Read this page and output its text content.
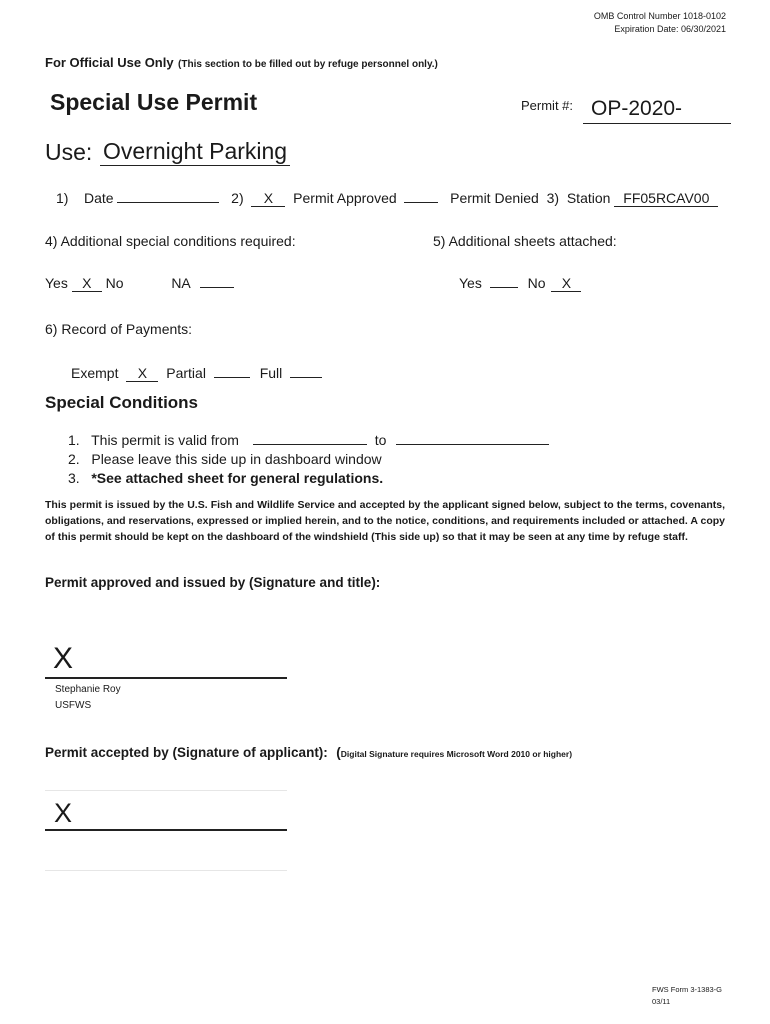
OMB Control Number 1018-0102
Expiration Date: 06/30/2021
For Official Use Only (This section to be filled out by refuge personnel only.)
Special Use Permit	Permit #: OP-2020-
Use: Overnight Parking
1) Date	2) X Permit Approved	Permit Denied 3) Station FF05RCAV00
4) Additional special conditions required:	5) Additional sheets attached:
Yes X No	NA	Yes	No X
6) Record of Payments:
Exempt X Partial	Full
Special Conditions
1. This permit is valid from	to
2. Please leave this side up in dashboard window
3. *See attached sheet for general regulations.
This permit is issued by the U.S. Fish and Wildlife Service and accepted by the applicant signed below, subject to the terms, covenants, obligations, and reservations, expressed or implied herein, and to the notice, conditions, and requirements included or attached. A copy of this permit should be kept on the dashboard of the windshield (This side up) so that it may be seen at any time by refuge staff.
Permit approved and issued by (Signature and title):
X
Stephanie Roy
USFWS
Permit accepted by (Signature of applicant): (Digital Signature requires Microsoft Word 2010 or higher)
X
FWS Form 3-1383-G
03/11
